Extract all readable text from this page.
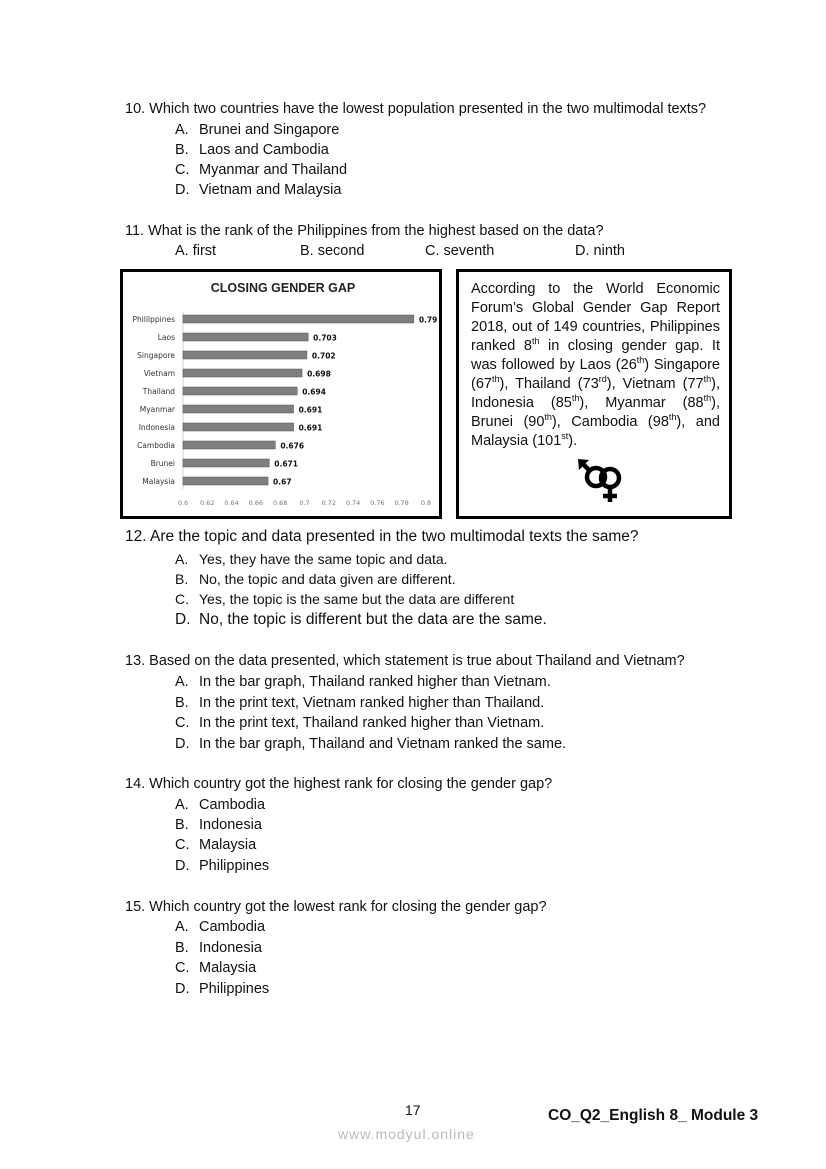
10. Which two countries have the lowest population presented in the two multimodal texts?
A. Brunei and Singapore
B. Laos and Cambodia
C. Myanmar and Thailand
D. Vietnam and Malaysia
11. What is the rank of the Philippines from the highest based on the data?
A. first	B. second	C. seventh	D. ninth
CLOSING GENDER GAP
Phililppines	0.79
Laos	0.703
Singapore	0.702
Vietnam	0.698
Thailand	0.694
Myanmar	0.691
Indonesia	0.691
Cambodia	0.676
Brunei	0.671
Malaysia	0.67
0.6 0.62 0.64 0.66 0.68 0.7 0.72 0.74 0.76 0.78 0.8
According to the World Economic Forum’s Global Gender Gap Report 2018, out of 149 countries, Philippines ranked 8th in closing gender gap. It was followed by Laos (26th) Singapore (67th), Thailand (73rd), Vietnam (77th), Indonesia (85th), Myanmar (88th), Brunei (90th), Cambodia (98th), and Malaysia (101st).
12. Are the topic and data presented in the two multimodal texts the same?
A. Yes, they have the same topic and data.
B. No, the topic and data given are different.
C. Yes, the topic is the same but the data are different
D. No, the topic is different but the data are the same.
13. Based on the data presented, which statement is true about Thailand and Vietnam?
A. In the bar graph, Thailand ranked higher than Vietnam.
B. In the print text, Vietnam ranked higher than Thailand.
C. In the print text, Thailand ranked higher than Vietnam.
D. In the bar graph, Thailand and Vietnam ranked the same.
14. Which country got the highest rank for closing the gender gap?
A. Cambodia
B. Indonesia
C. Malaysia
D. Philippines
15. Which country got the lowest rank for closing the gender gap?
A. Cambodia
B. Indonesia
C. Malaysia
D. Philippines
17	CO_Q2_English 8_ Module 3
www.modyul.online
